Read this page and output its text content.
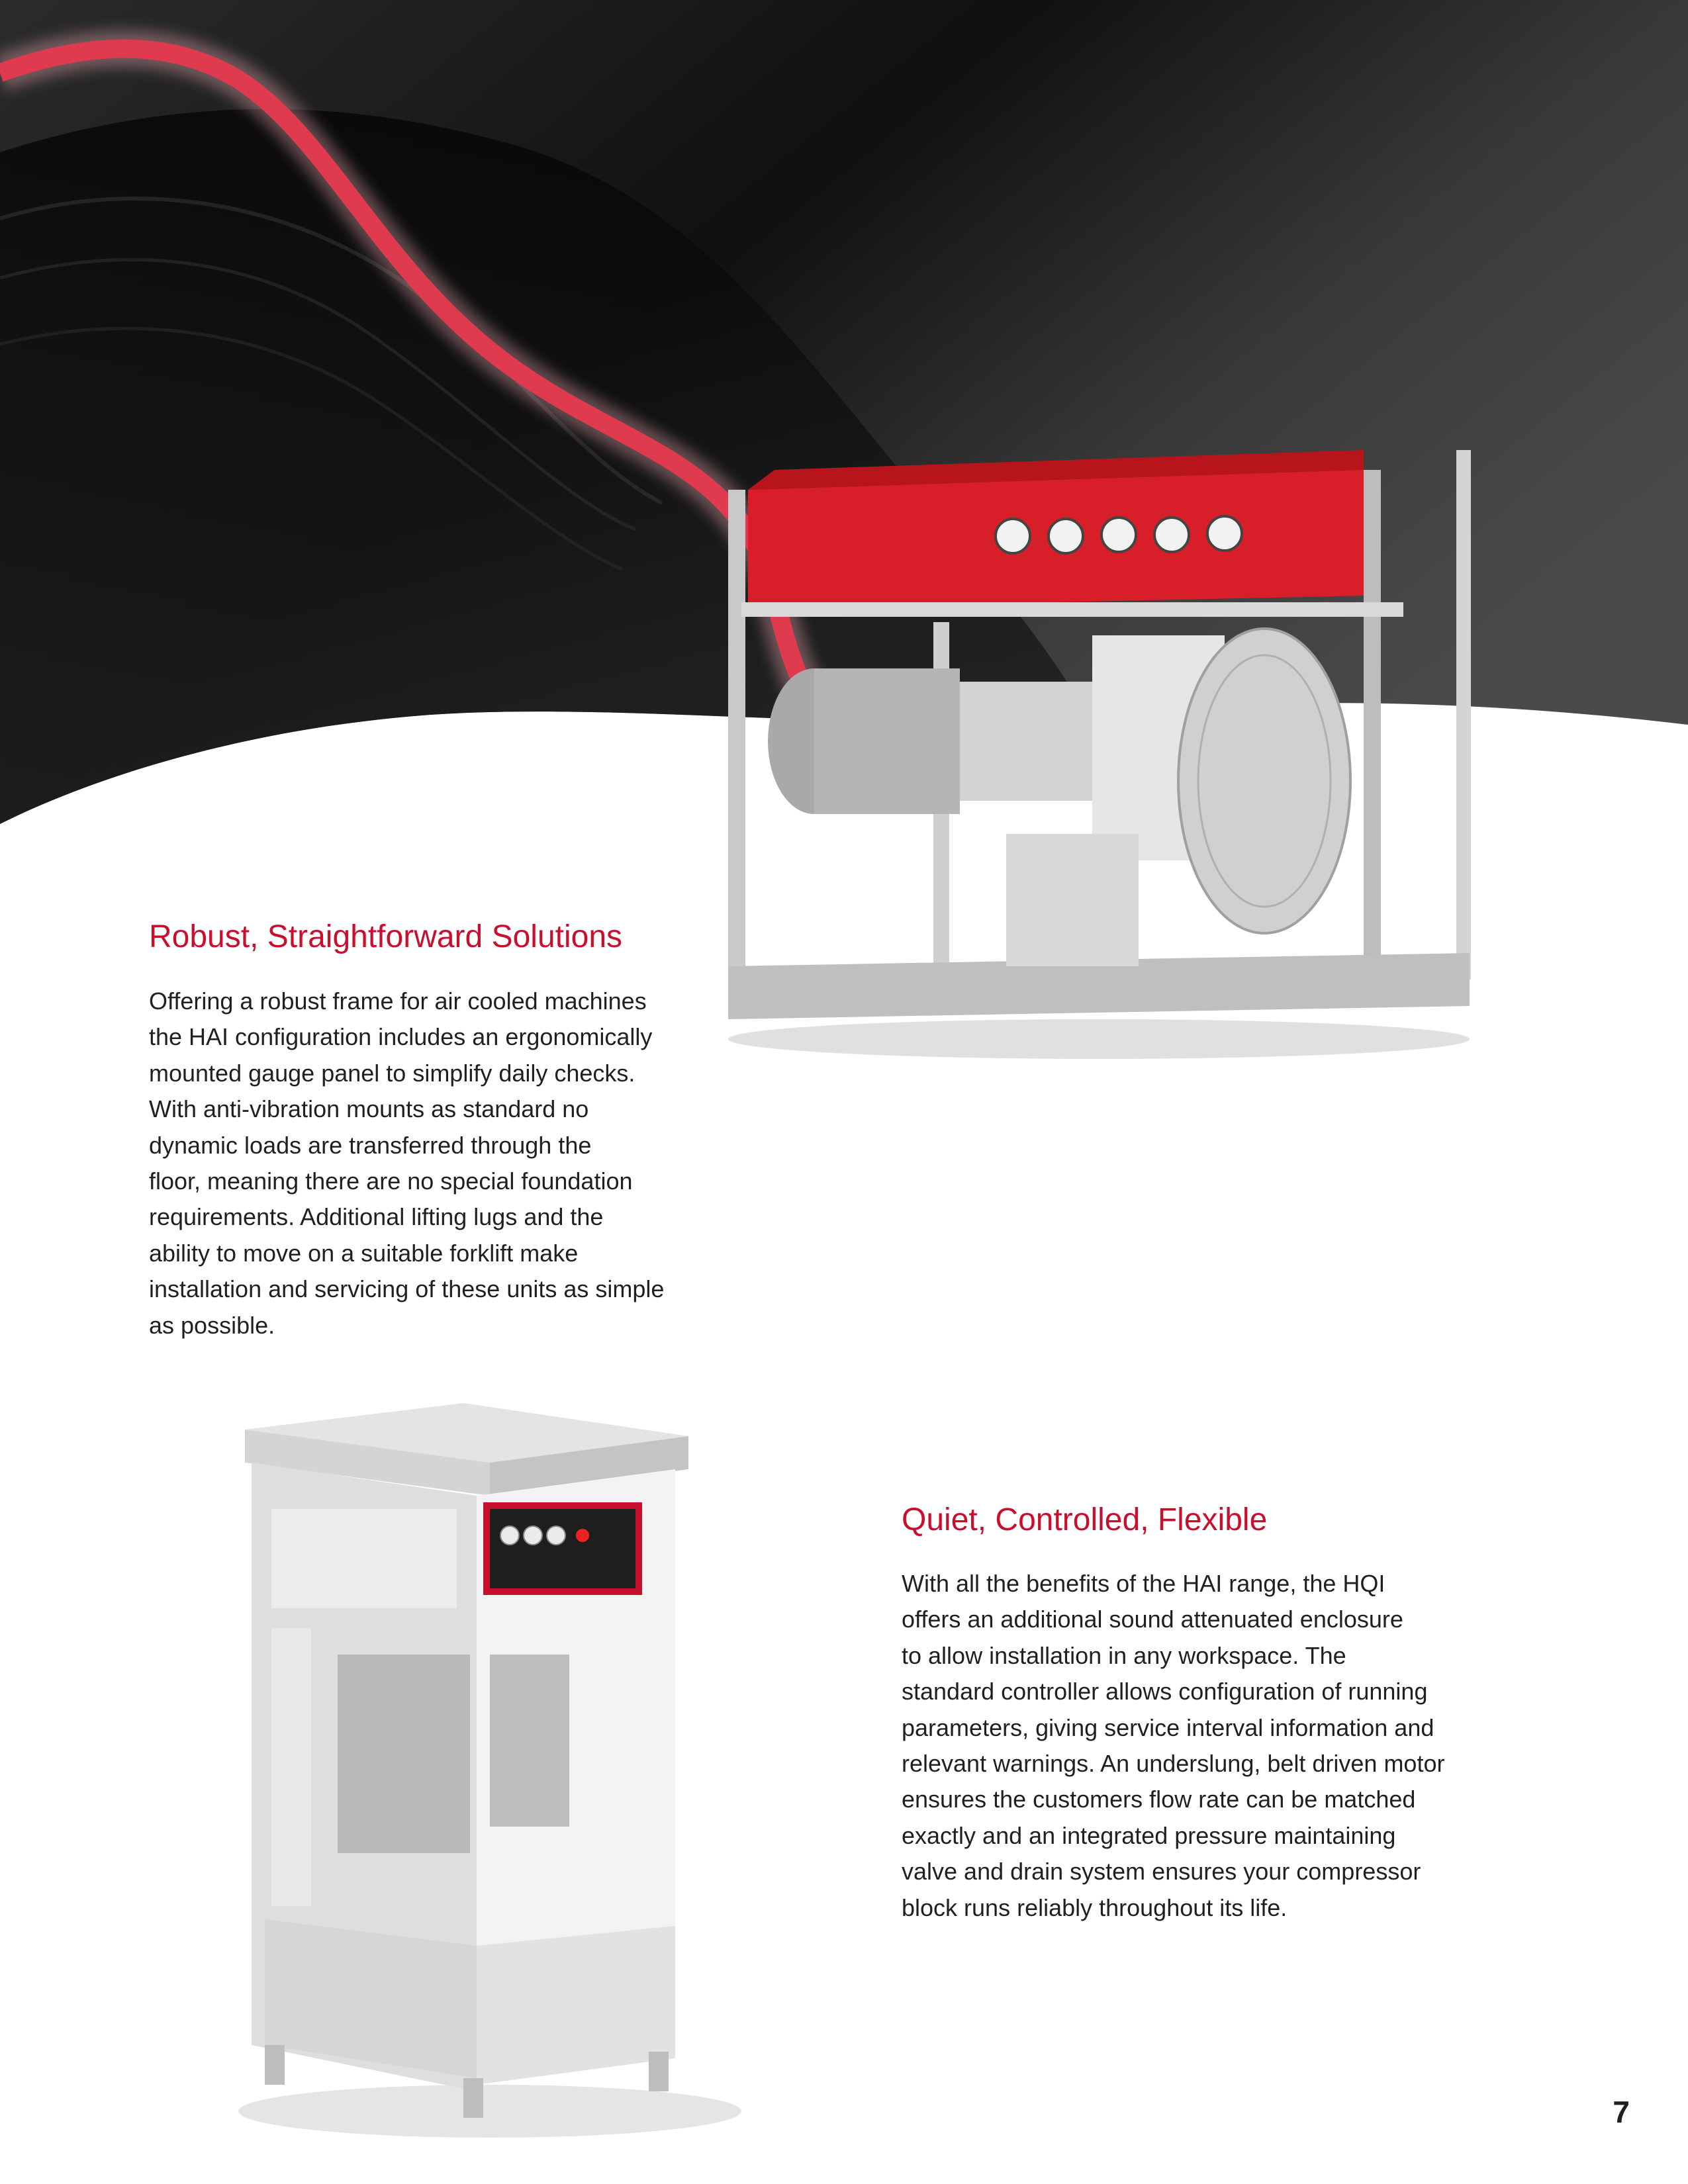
Robust, Straightforward Solutions

Offering a robust frame for air cooled machines
the HAI configuration includes an ergonomically
mounted gauge panel to simplify daily checks.
With anti-vibration mounts as standard no
dynamic loads are transferred through the
floor, meaning there are no special foundation
requirements. Additional lifting lugs and the
ability to move on a suitable forklift make
installation and servicing of these units as simple
as possible.

Quiet, Controlled, Flexible

With all the benefits of the HAI range, the HQI
offers an additional sound attenuated enclosure
to allow installation in any workspace. The
standard controller allows configuration of running
parameters, giving service interval information and
relevant warnings. An underslung, belt driven motor
ensures the customers flow rate can be matched
exactly and an integrated pressure maintaining
valve and drain system ensures your compressor
block runs reliably throughout its life.

7
